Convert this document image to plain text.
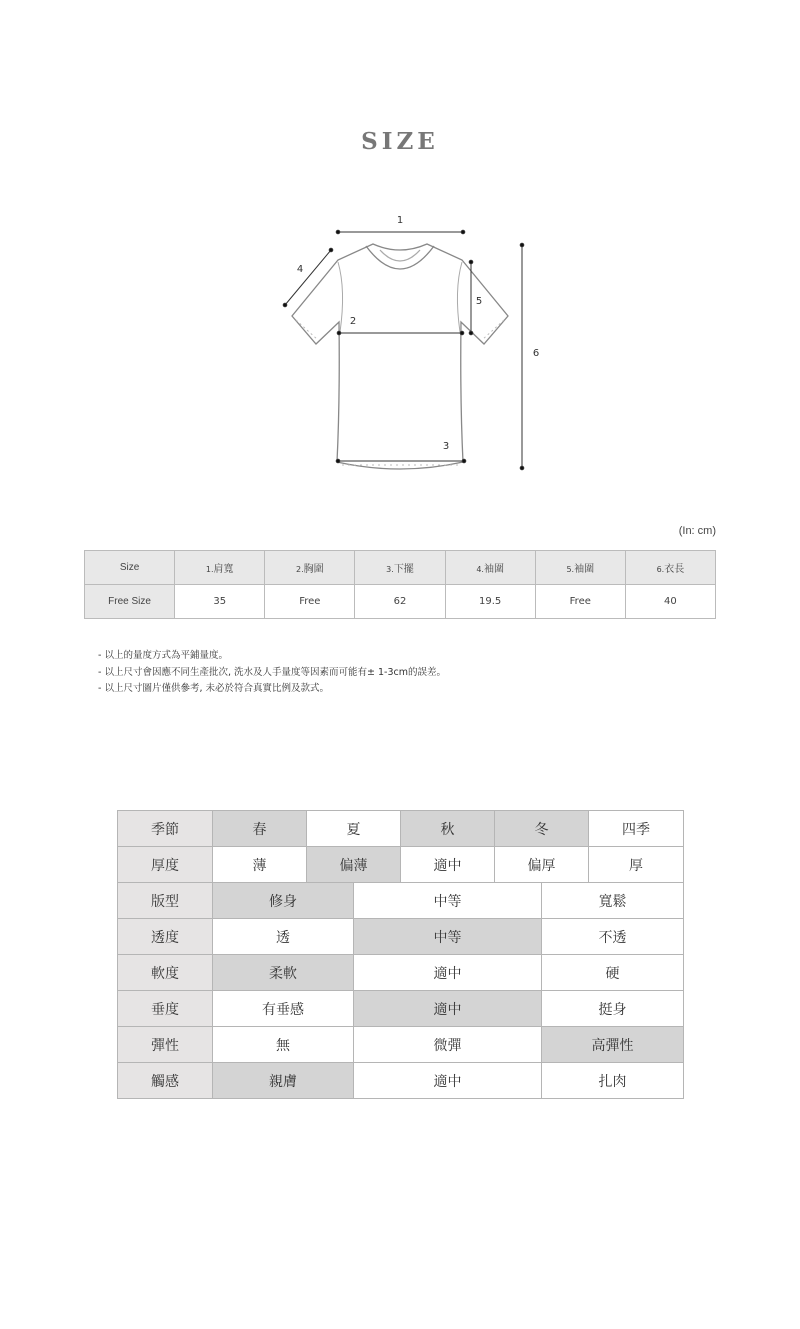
SIZE
1
2
3
4
5
6
(In: cm)
Size	1.肩寬	2.胸圍	3.下擺	4.袖圍	5.袖圍	6.衣長
Free Size	35	Free	62	19.5	Free	40
- 以上的量度方式為平鋪量度。
- 以上尺寸會因應不同生產批次, 洗水及人手量度等因素而可能有± 1-3cm的誤差。
- 以上尺寸圖片僅供參考, 未必於符合真實比例及款式。
季節	春	夏	秋	冬	四季
厚度	薄	偏薄	適中	偏厚	厚
版型	修身	中等	寬鬆
透度	透	中等	不透
軟度	柔軟	適中	硬
垂度	有垂感	適中	挺身
彈性	無	微彈	高彈性
觸感	親膚	適中	扎肉
